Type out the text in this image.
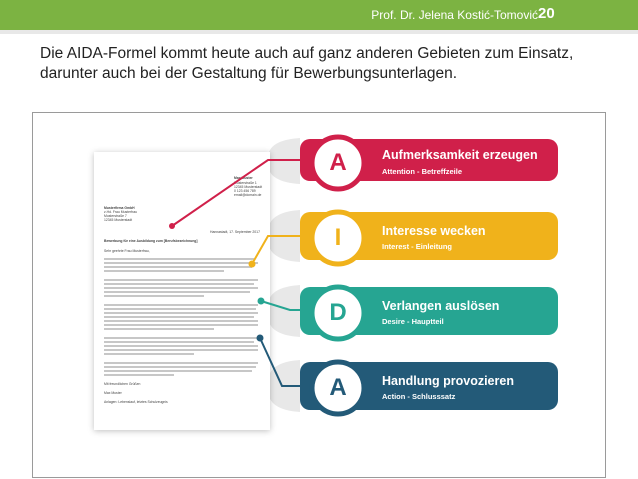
Prof. Dr. Jelena Kostić-Tomović 20
Die AIDA-Formel kommt heute auch auf ganz anderen Gebieten zum Einsatz,
darunter auch bei der Gestaltung für Bewerbungsunterlagen.
Max Muster
Musterstraße 1
12345 Musterstadt
0 123 456 789
email@domain.de
Musterfirma GmbH
z.Hd. Frau Musterfrau
Musterstraße 7
12345 Musterstadt
Hannastadt, 17. September 2017
Bewerbung für eine Ausbildung zum [Berufsbezeichnung]
Sehr geehrte Frau Musterfrau,
Mit freundlichen Grüßen
Max Muster
Anlagen: Lebenslauf, letztes Schulzeugnis
A
I
D
A
Aufmerksamkeit erzeugen
Attention - Betreffzeile
Interesse wecken
Interest - Einleitung
Verlangen auslösen
Desire - Hauptteil
Handlung provozieren
Action - Schlusssatz
